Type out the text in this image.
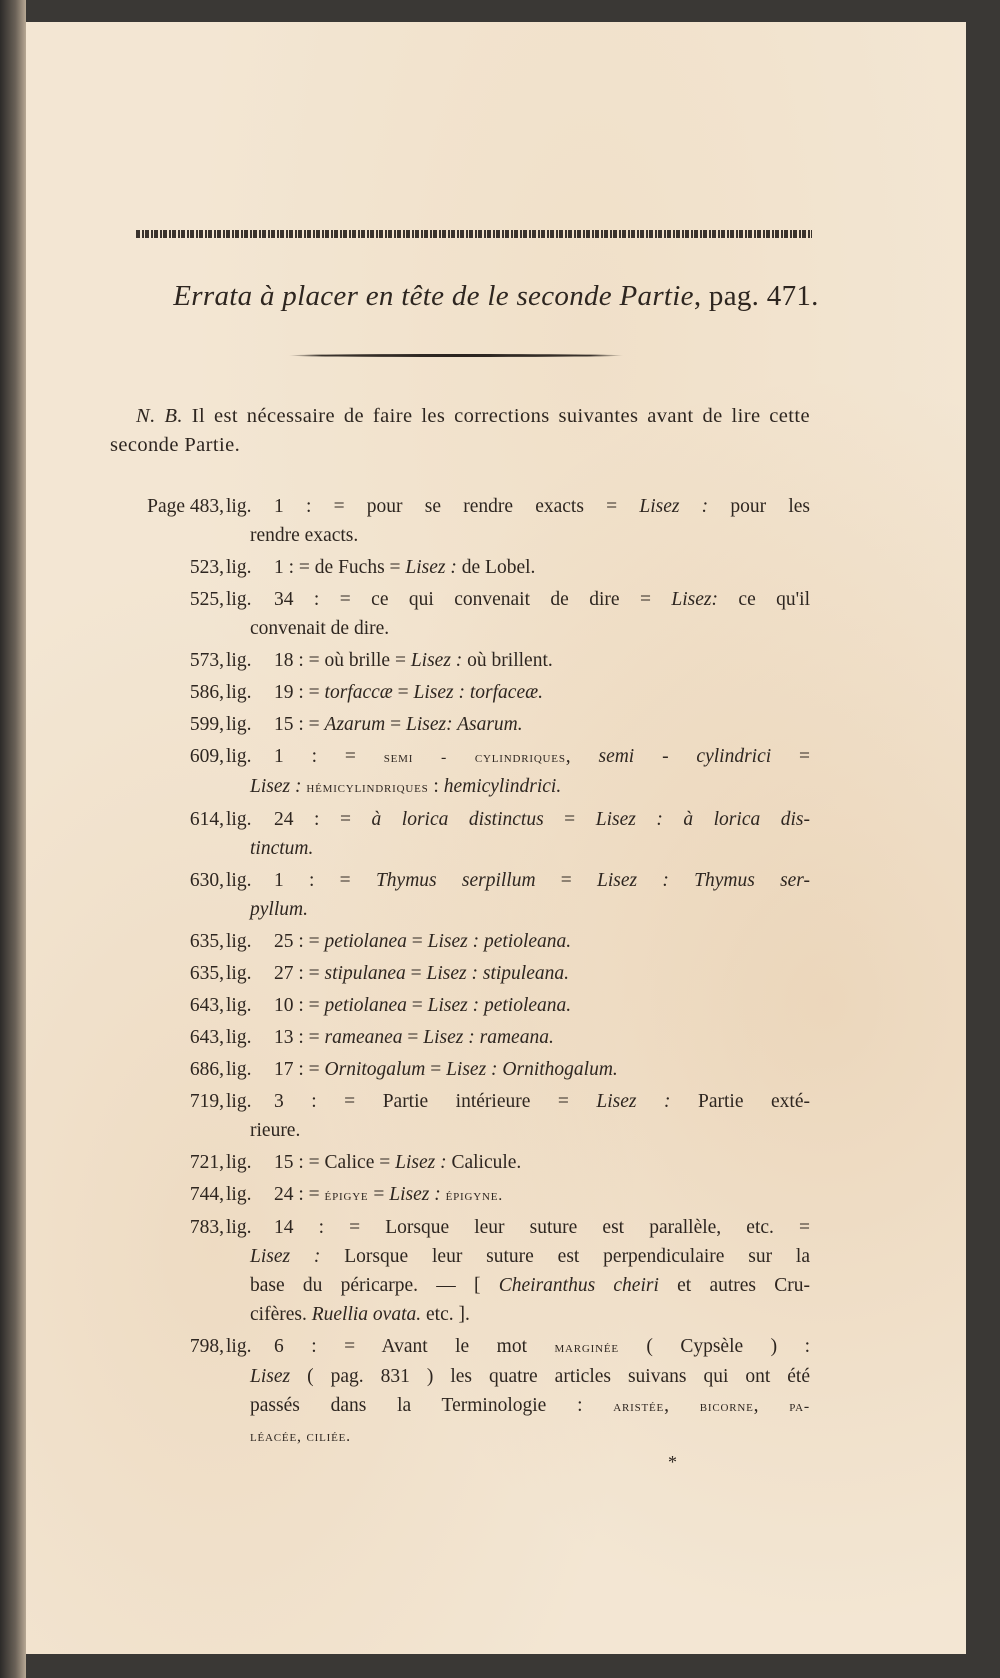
Errata à placer en tête de le seconde Partie, pag. 471.
N. B. Il est nécessaire de faire les corrections suivantes avant de lire cette seconde Partie.
Page 483, lig.	1 : = pour se rendre exacts = Lisez : pour les
rendre exacts.
523, lig.	1 : = de Fuchs = Lisez : de Lobel.
525, lig.	34 : = ce qui convenait de dire = Lisez: ce qu'il
convenait de dire.
573, lig.	18 : = où brille = Lisez : où brillent.
586, lig.	19 : = torfaccæ = Lisez : torfaceæ.
599, lig.	15 : = Azarum = Lisez: Asarum.
609, lig.	1 : = semi - cylindriques, semi - cylindrici =
Lisez : hémicylindriques : hemicylindrici.
614, lig.	24 : = à lorica distinctus = Lisez : à lorica dis-
tinctum.
630, lig.	1 : = Thymus serpillum = Lisez : Thymus ser-
pyllum.
635, lig.	25 : = petiolanea = Lisez : petioleana.
635, lig.	27 : = stipulanea = Lisez : stipuleana.
643, lig.	10 : = petiolanea = Lisez : petioleana.
643, lig.	13 : = rameanea = Lisez : rameana.
686, lig.	17 : = Ornitogalum = Lisez : Ornithogalum.
719, lig.	3 : = Partie intérieure = Lisez : Partie exté-
rieure.
721, lig.	15 : = Calice = Lisez : Calicule.
744, lig.	24 : = épigye = Lisez : épigyne.
783, lig.	14 : = Lorsque leur suture est parallèle, etc. =
Lisez : Lorsque leur suture est perpendiculaire sur la
base du péricarpe. — [ Cheiranthus cheiri et autres Cru-
cifères. Ruellia ovata. etc. ].
798, lig.	6 : = Avant le mot marginée ( Cypsèle ) :
Lisez ( pag. 831 ) les quatre articles suivans qui ont été
passés dans la Terminologie : aristée, bicorne, pa-
léacée, ciliée.
*
